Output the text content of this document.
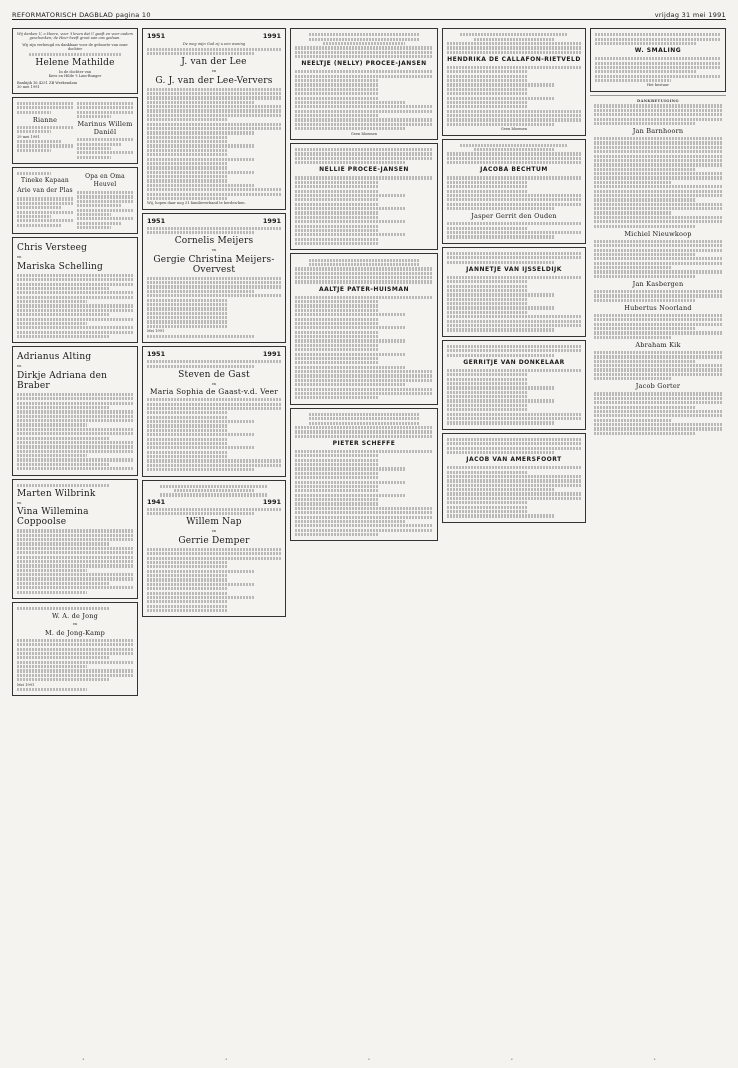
REFORMATORISCH DAGBLAD pagina 10	vrijdag 31 mei 1991
Wij danken U, o Heere, voor 't leven dat U gaaft en voor ouders geschonken; de Heer heeft groot aan ons gedaan.
Wij zijn verheugd en dankbaar voor de geboorte van onze dochter
Helene Mathilde
In de dochter van
Kees en Hilde 't Lam-Bunger
Bankijik 16 4251 ZB Werkendam
30 mei 1991
Rianne
29 mei 1991
Marinus Willem Daniël
Tineke Kapaan
Arie van der Plas
Opa en Oma Heuvel
Chris Versteeg
en
Mariska Schelling
Adrianus Alting
en
Dirkje Adriana den Braber
Marten Wilbrink
en
Vina Willemina Coppoolse
W. A. de Jong
en
M. de Jong-Kamp
Mei 1991
1951	1991
De weg mijn God zij u een woning
J. van der Lee
en
G. J. van der Lee-Ververs
Wij, hopen daar nog 31 familieverband te herden-ken.
1951	1991
Cornelis Meijers
en
Gergie Christina Meijers-Overvest
Mei 1991
1951	1991
Steven de Gast
en
Maria Sophia de Gaast-v.d. Veer
1941	1991
Willem Nap
en
Gerrie Demper
NEELTJE (NELLY) PROCEE-JANSEN
Geen bloemen
NELLIE PROCEE-JANSEN
AALTJE PATER-HUISMAN
PIETER SCHEFFE
HENDRIKA DE CALLAFON-RIETVELD
Geen bloemen
JACOBA BECHTUM
Jasper Gerrit den Ouden
JANNETJE VAN IJSSELDIJK
GERRITJE VAN DONKELAAR
JACOB VAN AMERSFOORT
W. SMALING
Het bestuur
DANKBETUIGING
Jan Barnhoorn
Michiel Nieuwkoop
Jan Kasbergen
Hubertus Noorland
Abraham Kik
Jacob Gorter
•	•	•	•	•
